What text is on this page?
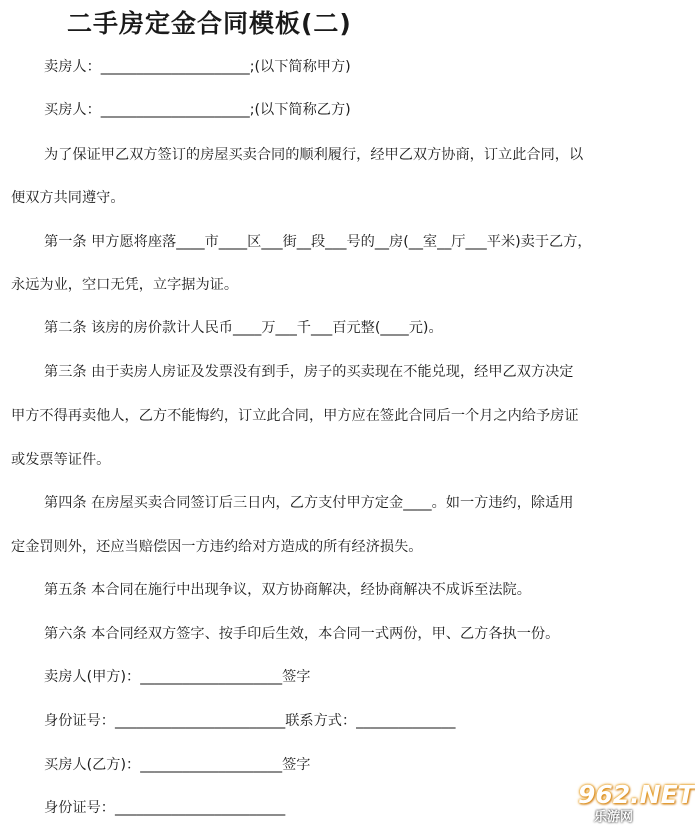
二手房定金合同模板(二)
卖房人：_____________________;(以下简称甲方)
买房人：_____________________;(以下简称乙方)
为了保证甲乙双方签订的房屋买卖合同的顺利履行，经甲乙双方协商，订立此合同，以
便双方共同遵守。
第一条 甲方愿将座落____市____区___街__段___号的__房(__室__厅___平米)卖于乙方，
永远为业，空口无凭，立字据为证。
第二条 该房的房价款计人民币____万___千___百元整(____元)。
第三条 由于卖房人房证及发票没有到手，房子的买卖现在不能兑现，经甲乙双方决定
甲方不得再卖他人，乙方不能悔约，订立此合同，甲方应在签此合同后一个月之内给予房证
或发票等证件。
第四条 在房屋买卖合同签订后三日内，乙方支付甲方定金____。如一方违约，除适用
定金罚则外，还应当赔偿因一方违约给对方造成的所有经济损失。
第五条 本合同在施行中出现争议，双方协商解决，经协商解决不成诉至法院。
第六条 本合同经双方签字、按手印后生效，本合同一式两份，甲、乙方各执一份。
卖房人(甲方)：____________________签字
身份证号：________________________联系方式：______________
买房人(乙方)：____________________签字
身份证号：________________________	962.NET
乐游网
